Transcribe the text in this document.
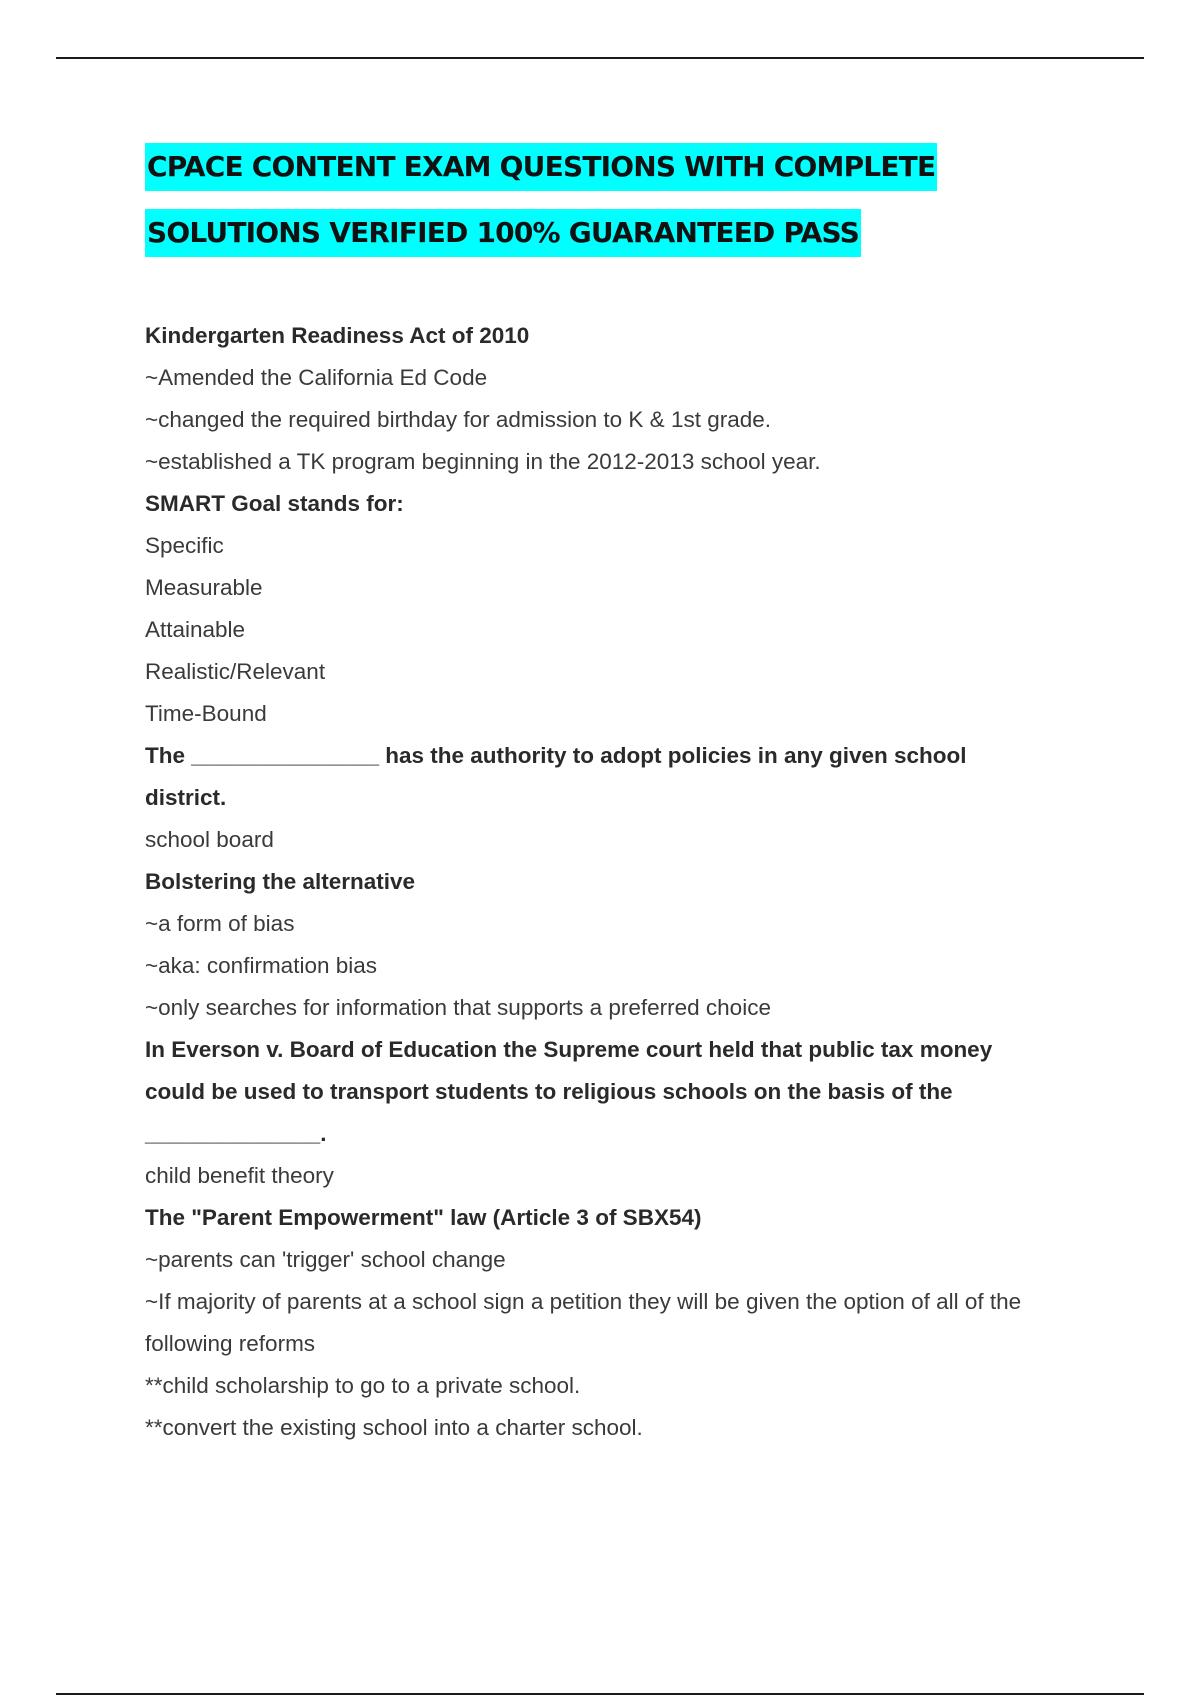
CPACE CONTENT EXAM QUESTIONS WITH COMPLETE
SOLUTIONS VERIFIED 100% GUARANTEED PASS
Kindergarten Readiness Act of 2010
~Amended the California Ed Code
~changed the required birthday for admission to K & 1st grade.
~established a TK program beginning in the 2012-2013 school year.
SMART Goal stands for:
Specific
Measurable
Attainable
Realistic/Relevant
Time-Bound
The _______________ has the authority to adopt policies in any given school
district.
school board
Bolstering the alternative
~a form of bias
~aka: confirmation bias
~only searches for information that supports a preferred choice
In Everson v. Board of Education the Supreme court held that public tax money
could be used to transport students to religious schools on the basis of the
______________.
child benefit theory
The "Parent Empowerment" law (Article 3 of SBX54)
~parents can 'trigger' school change
~If majority of parents at a school sign a petition they will be given the option of all of the
following reforms
**child scholarship to go to a private school.
**convert the existing school into a charter school.
